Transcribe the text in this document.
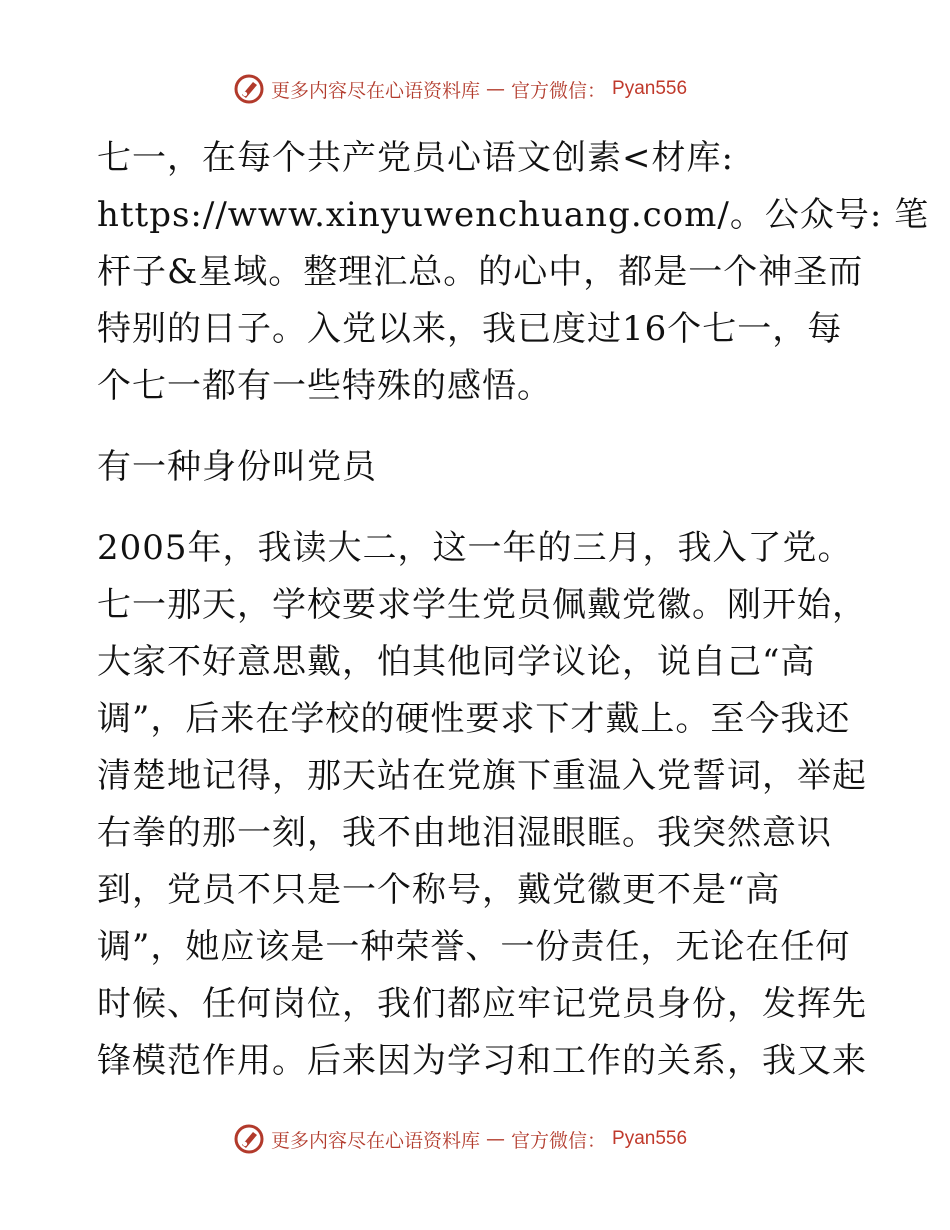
更多内容尽在心语资料库 — 官方微信： Pyan556
七一，在每个共产党员心语文创素<材库:
https://www.xinyuwenchuang.com/。公众号: 笔
杆子&星域。整理汇总。的心中，都是一个神圣而
特别的日子。入党以来，我已度过16个七一，每
个七一都有一些特殊的感悟。
有一种身份叫党员
2005年，我读大二，这一年的三月，我入了党。
七一那天，学校要求学生党员佩戴党徽。刚开始，
大家不好意思戴，怕其他同学议论，说自己“高
调”，后来在学校的硬性要求下才戴上。至今我还
清楚地记得，那天站在党旗下重温入党誓词，举起
右拳的那一刻，我不由地泪湿眼眶。我突然意识
到，党员不只是一个称号，戴党徽更不是“高
调”，她应该是一种荣誉、一份责任，无论在任何
时候、任何岗位，我们都应牢记党员身份，发挥先
锋模范作用。后来因为学习和工作的关系，我又来
更多内容尽在心语资料库 — 官方微信： Pyan556
